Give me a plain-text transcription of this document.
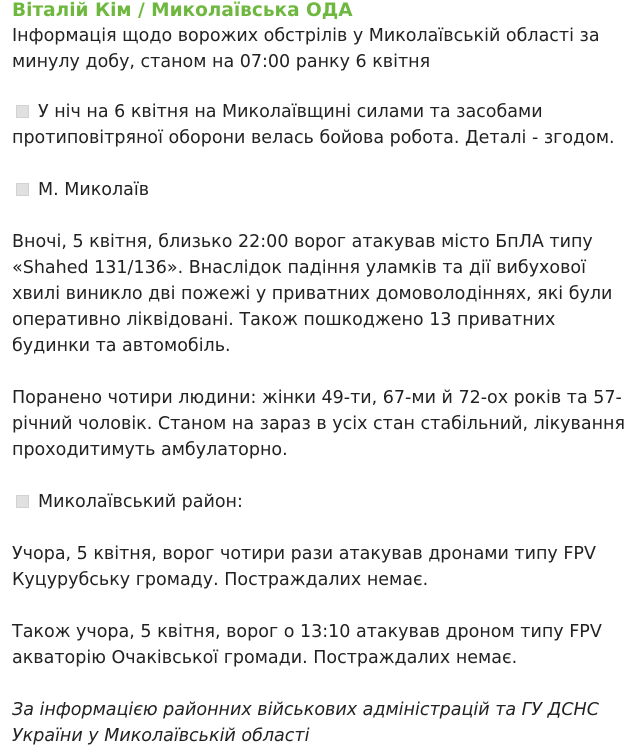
Віталій Кім / Миколаївська ОДА

Інформація щодо ворожих обстрілів у Миколаївській області за минулу добу, станом на 07:00 ранку 6 квітня

У ніч на 6 квітня на Миколаївщині силами та засобами протиповітряної оборони велась бойова робота. Деталі - згодом.

М. Миколаїв

Вночі, 5 квітня, близько 22:00 ворог атакував місто БпЛА типу «Shahed 131/136». Внаслідок падіння уламків та дії вибухової хвилі виникло дві пожежі у приватних домоволодіннях, які були оперативно ліквідовані. Також пошкоджено 13 приватних будинки та автомобіль.

Поранено чотири людини: жінки 49-ти, 67-ми й 72-ох років та 57-річний чоловік. Станом на зараз в усіх стан стабільний, лікування проходитимуть амбулаторно.

Миколаївський район:

Учора, 5 квітня, ворог чотири рази атакував дронами типу FPV Куцурубську громаду. Постраждалих немає.

Також учора, 5 квітня, ворог о 13:10 атакував дроном типу FPV акваторію Очаківської громади. Постраждалих немає.

За інформацією районних військових адміністрацій та ГУ ДСНС України у Миколаївській області
